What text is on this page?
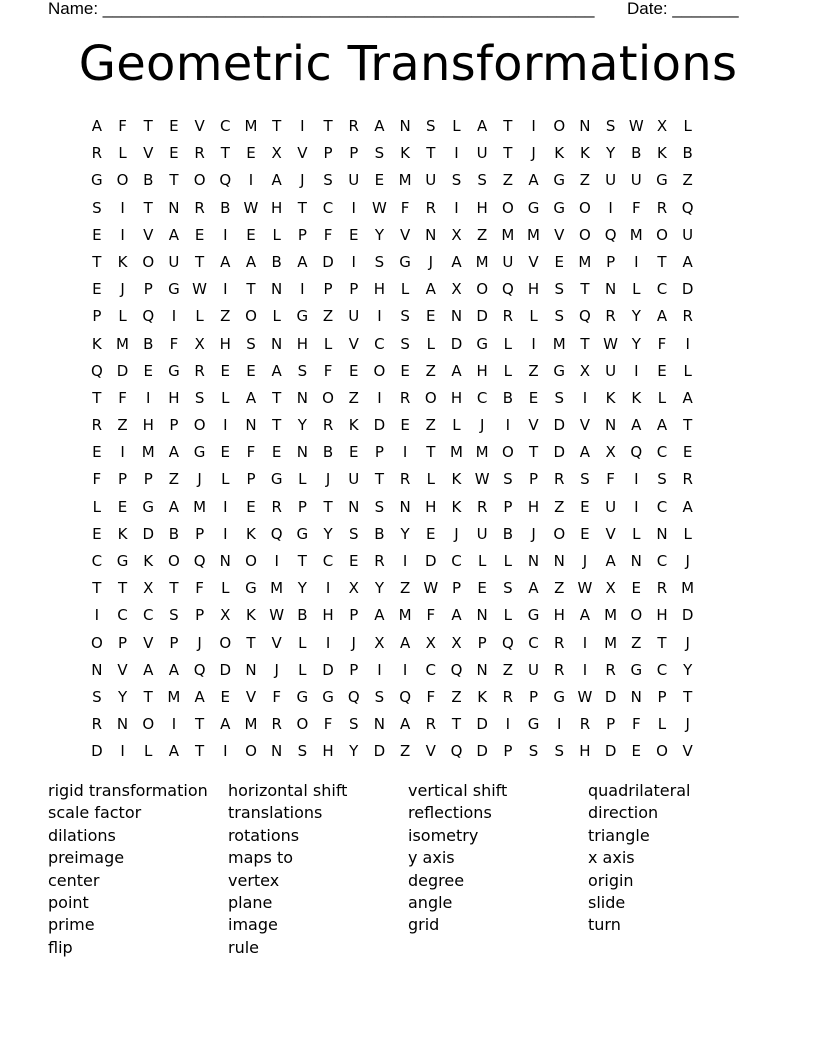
Name: ____________________________________________________ Date: _______
Geometric Transformations
A F T E V C M T I T R A N S L A T I O N S W X L
R L V E R T E X V P P S K T I U T J K K Y B K B
G O B T O Q I A J S U E M U S S Z A G Z U U G Z
S I T N R B W H T C I W F R I H O G G O I F R Q
E I V A E I E L P F E Y V N X Z M M V O Q M O U
T K O U T A A B A D I S G J A M U V E M P I T A
E J P G W I T N I P P H L A X O Q H S T N L C D
P L Q I L Z O L G Z U I S E N D R L S Q R Y A R
K M B F X H S N H L V C S L D G L I M T W Y F I
Q D E G R E E A S F E O E Z A H L Z G X U I E L
T F I H S L A T N O Z I R O H C B E S I K K L A
R Z H P O I N T Y R K D E Z L J I V D V N A A T
E I M A G E F E N B E P I T M M O T D A X Q C E
F P P Z J L P G L J U T R L K W S P R S F I S R
L E G A M I E R P T N S N H K R P H Z E U I C A
E K D B P I K Q G Y S B Y E J U B J O E V L N L
C G K O Q N O I T C E R I D C L L N N J A N C J
T T X T F L G M Y I X Y Z W P E S A Z W X E R M
I C C S P X K W B H P A M F A N L G H A M O H D
O P V P J O T V L I J X A X X P Q C R I M Z T J
N V A A Q D N J L D P I I C Q N Z U R I R G C Y
S Y T M A E V F G G Q S Q F Z K R P G W D N P T
R N O I T A M R O F S N A R T D I G I R P F L J
D I L A T I O N S H Y D Z V Q D P S S H D E O V
rigid transformation
scale factor
dilations
preimage
center
point
prime
flip
horizontal shift
translations
rotations
maps to
vertex
plane
image
rule
vertical shift
reflections
isometry
y axis
degree
angle
grid
quadrilateral
direction
triangle
x axis
origin
slide
turn
